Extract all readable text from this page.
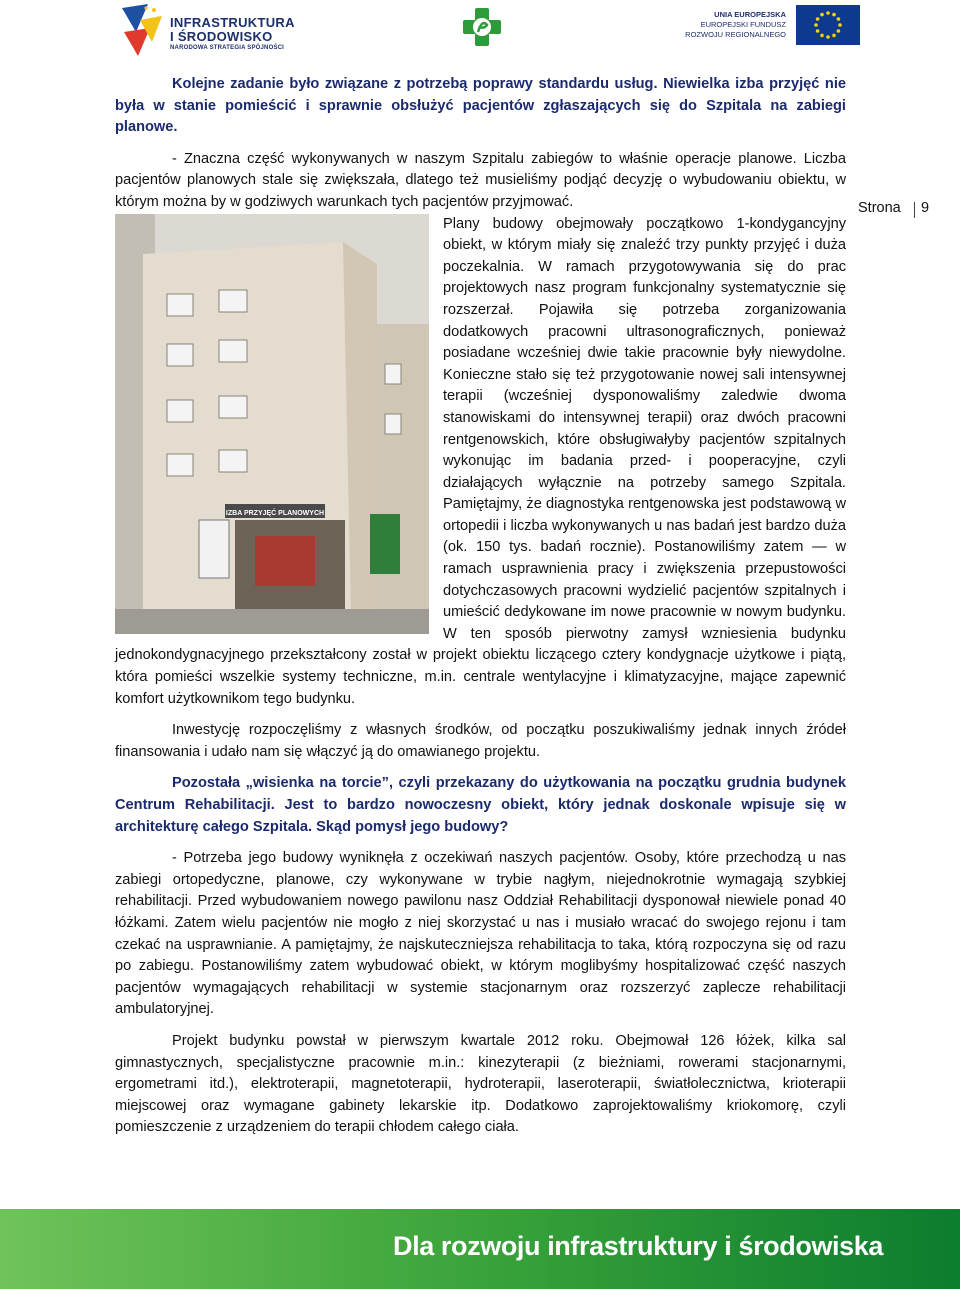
INFRASTRUKTURA
I ŚRODOWISKO
NARODOWA STRATEGIA SPÓJNOŚCI
UNIA EUROPEJSKA
EUROPEJSKI FUNDUSZ
ROZWOJU REGIONALNEGO
Strona 9

Kolejne zadanie było związane z potrzebą poprawy standardu usług. Niewielka izba przyjęć nie była w stanie pomieścić i sprawnie obsłużyć pacjentów zgłaszających się do Szpitala na zabiegi planowe.

- Znaczna część wykonywanych w naszym Szpitalu zabiegów to właśnie operacje planowe. Liczba pacjentów planowych stale się zwiększała, dlatego też musieliśmy podjąć decyzję o wybudowaniu obiektu, w którym można by w godziwych warunkach tych pacjentów przyjmować.

IZBA PRZYJĘĆ PLANOWYCH

Plany budowy obejmowały początkowo 1-kondygancyjny obiekt, w którym miały się znaleźć trzy punkty przyjęć i duża poczekalnia. W ramach przygotowywania się do prac projektowych nasz program funkcjonalny systematycznie się rozszerzał. Pojawiła się potrzeba zorganizowania dodatkowych pracowni ultrasonograficznych, ponieważ posiadane wcześniej dwie takie pracownie były niewydolne. Konieczne stało się też przygotowanie nowej sali intensywnej terapii (wcześniej dysponowaliśmy zaledwie dwoma stanowiskami do intensywnej terapii) oraz dwóch pracowni rentgenowskich, które obsługiwałyby pacjentów szpitalnych wykonując im badania przed- i pooperacyjne, czyli działających wyłącznie na potrzeby samego Szpitala. Pamiętajmy, że diagnostyka rentgenowska jest podstawową w ortopedii i liczba wykonywanych u nas badań jest bardzo duża (ok. 150 tys. badań rocznie). Postanowiliśmy zatem — w ramach usprawnienia pracy i zwiększenia przepustowości dotychczasowych pracowni wydzielić pacjentów szpitalnych i umieścić dedykowane im nowe pracownie w nowym budynku. W ten sposób pierwotny zamysł wzniesienia budynku jednokondygnacyjnego przekształcony został w projekt obiektu liczącego cztery kondygnacje użytkowe i piątą, która pomieści wszelkie systemy techniczne, m.in. centrale wentylacyjne i klimatyzacyjne, mające zapewnić komfort użytkownikom tego budynku.

Inwestycję rozpoczęliśmy z własnych środków, od początku poszukiwaliśmy jednak innych źródeł finansowania i udało nam się włączyć ją do omawianego projektu.

Pozostała „wisienka na torcie”, czyli przekazany do użytkowania na początku grudnia budynek Centrum Rehabilitacji. Jest to bardzo nowoczesny obiekt, który jednak doskonale wpisuje się w architekturę całego Szpitala. Skąd pomysł jego budowy?

- Potrzeba jego budowy wyniknęła z oczekiwań naszych pacjentów. Osoby, które przechodzą u nas zabiegi ortopedyczne, planowe, czy wykonywane w trybie nagłym, niejednokrotnie wymagają szybkiej rehabilitacji. Przed wybudowaniem nowego pawilonu nasz Oddział Rehabilitacji dysponował niewiele ponad 40 łóżkami. Zatem wielu pacjentów nie mogło z niej skorzystać u nas i musiało wracać do swojego rejonu i tam czekać na usprawnianie. A pamiętajmy, że najskuteczniejsza rehabilitacja to taka, którą rozpoczyna się od razu po zabiegu. Postanowiliśmy zatem wybudować obiekt, w którym moglibyśmy hospitalizować część naszych pacjentów wymagających rehabilitacji w systemie stacjonarnym oraz rozszerzyć zaplecze rehabilitacji ambulatoryjnej.

Projekt budynku powstał w pierwszym kwartale 2012 roku. Obejmował 126 łóżek, kilka sal gimnastycznych, specjalistyczne pracownie m.in.: kinezyterapii (z bieżniami, rowerami stacjonarnymi, ergometrami itd.), elektroterapii, magnetoterapii, hydroterapii, laseroterapii, światłolecznictwa, krioterapii miejscowej oraz wymagane gabinety lekarskie itp. Dodatkowo zaprojektowaliśmy kriokomorę, czyli pomieszczenie z urządzeniem do terapii chłodem całego ciała.

Dla rozwoju infrastruktury i środowiska
